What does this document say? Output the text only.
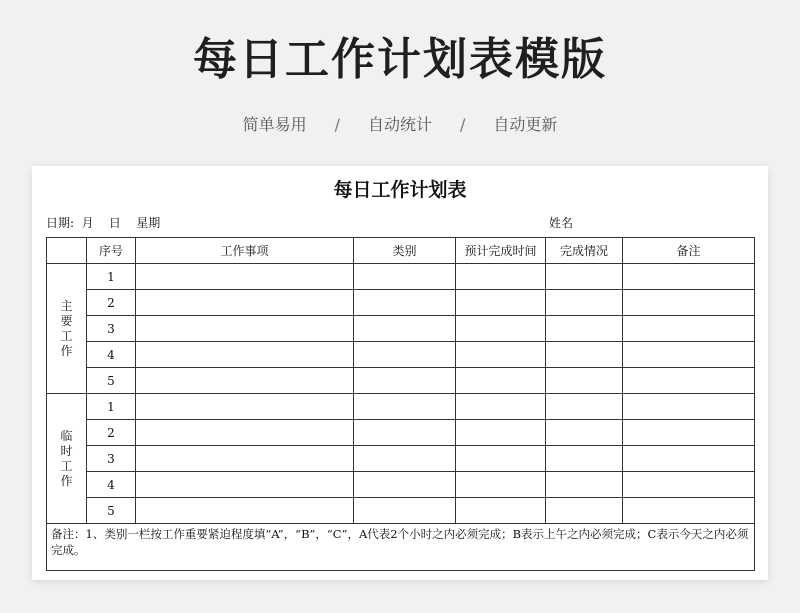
每日工作计划表模版
简单易用 / 自动统计 / 自动更新
每日工作计划表
日期:  月    日    星期	姓名
	序号	工作事项	类别	预计完成时间	完成情况	备注
主要工作	1					
	2					
	3					
	4					
	5					
临时工作	1					
	2					
	3					
	4					
	5					
备注：1、类别一栏按工作重要紧迫程度填“A”，“B”，“C”，A代表2个小时之内必须完成；B表示上午之内必须完成；C表示今天之内必须完成。						
